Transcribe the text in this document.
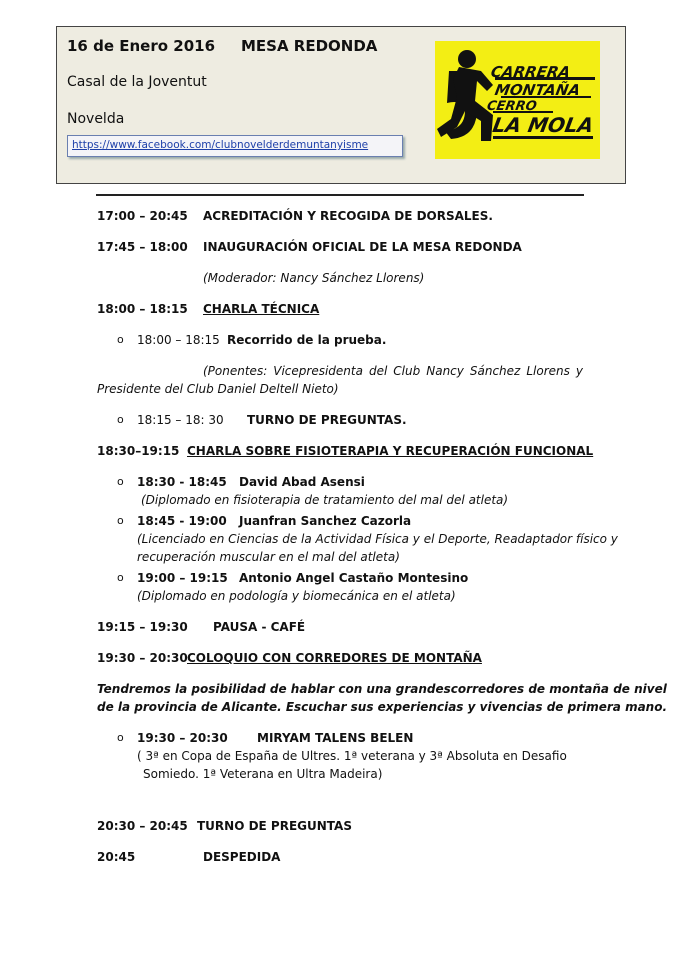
16 de Enero 2016 MESA REDONDA
Casal de la Joventut
Novelda
https://www.facebook.com/clubnovelderdemuntanyisme
CARRERA
MONTAÑA
CERRO
LA MOLA
17:00 – 20:45 ACREDITACIÓN Y RECOGIDA DE DORSALES.
17:45 – 18:00 INAUGURACIÓN OFICIAL DE LA MESA REDONDA
(Moderador: Nancy Sánchez Llorens)
18:00 – 18:15 CHARLA TÉCNICA
o 18:00 – 18:15 Recorrido de la prueba.
(Ponentes: Vicepresidenta del Club Nancy Sánchez Llorens y
Presidente del Club Daniel Deltell Nieto)
o 18:15 – 18: 30 TURNO DE PREGUNTAS.
18:30–19:15 CHARLA SOBRE FISIOTERAPIA Y RECUPERACIÓN FUNCIONAL
o 18:30 - 18:45 David Abad Asensi
(Diplomado en fisioterapia de tratamiento del mal del atleta)
o 18:45 - 19:00 Juanfran Sanchez Cazorla
(Licenciado en Ciencias de la Actividad Física y el Deporte, Readaptador físico y
recuperación muscular en el mal del atleta)
o 19:00 – 19:15 Antonio Angel Castaño Montesino
(Diplomado en podología y biomecánica en el atleta)
19:15 – 19:30 PAUSA - CAFÉ
19:30 – 20:30 COLOQUIO CON CORREDORES DE MONTAÑA
Tendremos la posibilidad de hablar con una grandescorredores de montaña de nivel
de la provincia de Alicante. Escuchar sus experiencias y vivencias de primera mano.
o 19:30 – 20:30 MIRYAM TALENS BELEN
( 3ª en Copa de España de Ultres. 1ª veterana y 3ª Absoluta en Desafio
Somiedo. 1ª Veterana en Ultra Madeira)
20:30 – 20:45 TURNO DE PREGUNTAS
20:45	DESPEDIDA
